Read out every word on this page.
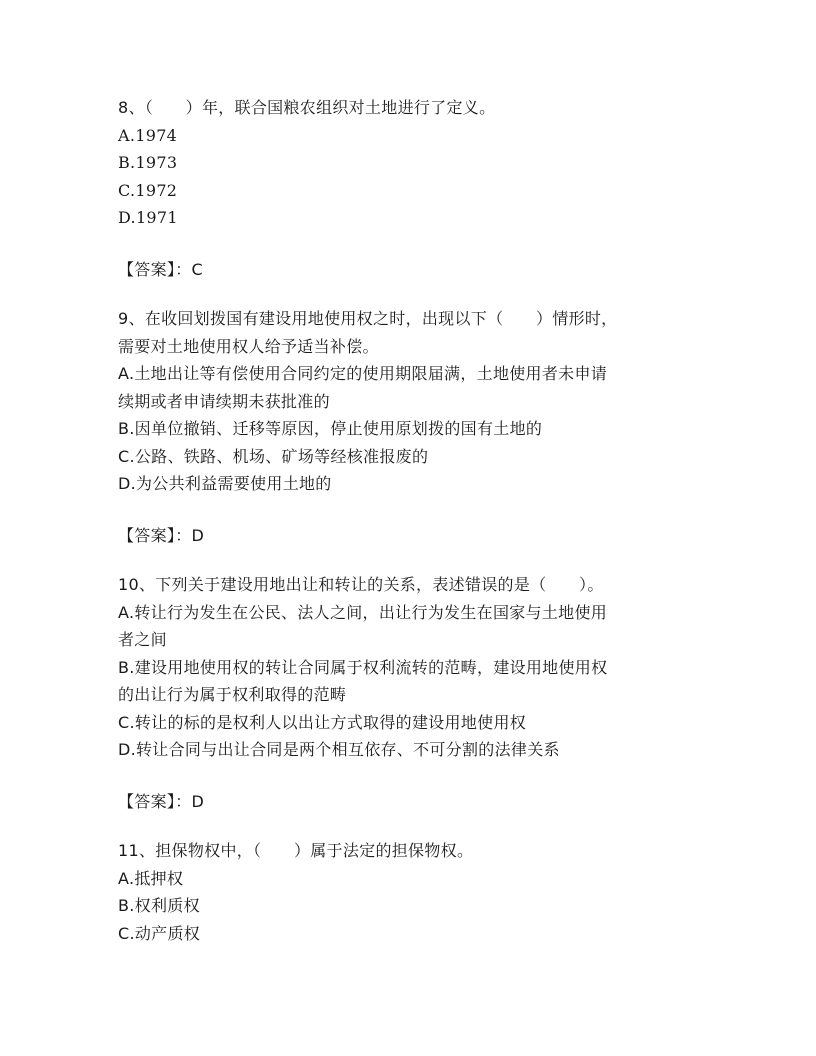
8、（　　）年，联合国粮农组织对土地进行了定义。
A.1974
B.1973
C.1972
D.1971
【答案】：C
9、在收回划拨国有建设用地使用权之时，出现以下（　　）情形时，
需要对土地使用权人给予适当补偿。
A.土地出让等有偿使用合同约定的使用期限届满，土地使用者未申请
续期或者申请续期未获批准的
B.因单位撤销、迁移等原因，停止使用原划拨的国有土地的
C.公路、铁路、机场、矿场等经核准报废的
D.为公共利益需要使用土地的
【答案】：D
10、下列关于建设用地出让和转让的关系，表述错误的是（　　）。
A.转让行为发生在公民、法人之间，出让行为发生在国家与土地使用
者之间
B.建设用地使用权的转让合同属于权利流转的范畴，建设用地使用权
的出让行为属于权利取得的范畴
C.转让的标的是权利人以出让方式取得的建设用地使用权
D.转让合同与出让合同是两个相互依存、不可分割的法律关系
【答案】：D
11、担保物权中，（　　）属于法定的担保物权。
A.抵押权
B.权利质权
C.动产质权
